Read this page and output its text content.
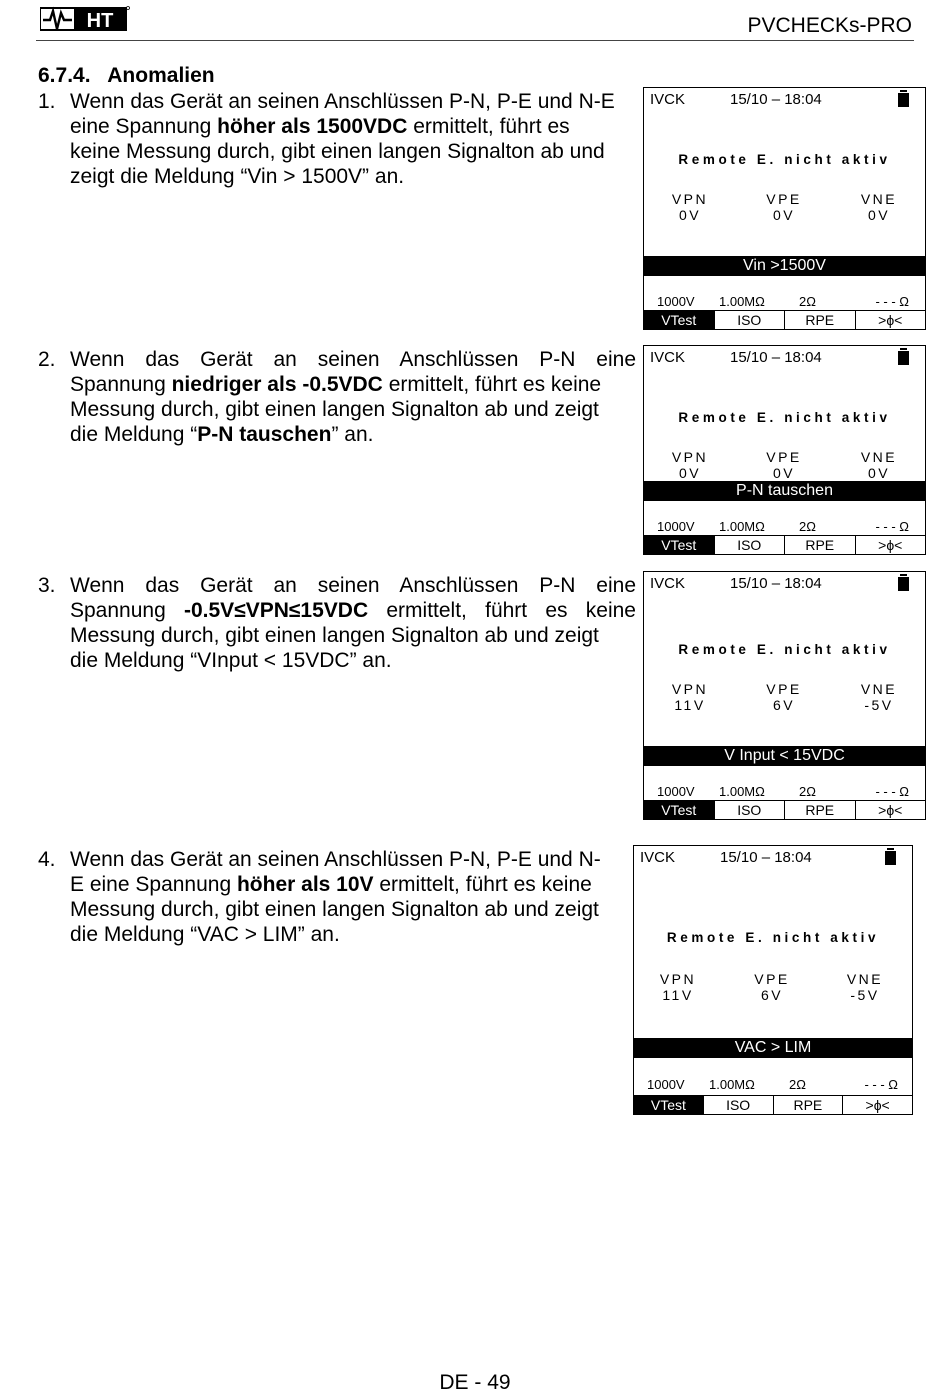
HT	PVCHECKs-PRO
6.7.4.   Anomalien
1. Wenn das Gerät an seinen Anschlüssen P-N, P-E und N-E
eine Spannung höher als 1500VDC ermittelt, führt es
keine Messung durch, gibt einen langen Signalton ab und
zeigt die Meldung “Vin > 1500V” an.
IVCK	15/10 – 18:04
Remote E. nicht aktiv
VPN
0V
VPE
0V
VNE
0V
Vin >1500V
1000V 1.00MΩ	2Ω	- - - Ω
VTest	ISO	RPE	>ϕ<
2. Wenn das Gerät an seinen Anschlüssen P-N eine
Spannung niedriger als -0.5VDC ermittelt, führt es keine
Messung durch, gibt einen langen Signalton ab und zeigt
die Meldung “P-N tauschen” an.
IVCK	15/10 – 18:04
Remote E. nicht aktiv
VPN
0V
VPE
0V
VNE
0V
P-N tauschen
1000V 1.00MΩ	2Ω	- - - Ω
VTest	ISO	RPE	>ϕ<
3. Wenn das Gerät an seinen Anschlüssen P-N eine
Spannung -0.5V≤VPN≤15VDC ermittelt, führt es keine
Messung durch, gibt einen langen Signalton ab und zeigt
die Meldung “VInput < 15VDC” an.
IVCK	15/10 – 18:04
Remote E. nicht aktiv
VPN
11V
VPE
6V
VNE
-5V
V Input < 15VDC
1000V 1.00MΩ	2Ω	- - - Ω
VTest	ISO	RPE	>ϕ<
4. Wenn das Gerät an seinen Anschlüssen P-N, P-E und N-
E eine Spannung höher als 10V ermittelt, führt es keine
Messung durch, gibt einen langen Signalton ab und zeigt
die Meldung “VAC > LIM” an.
IVCK	15/10 – 18:04
Remote E. nicht aktiv
VPN
11V
VPE
6V
VNE
-5V
VAC > LIM
1000V 1.00MΩ	2Ω	- - - Ω
VTest	ISO	RPE	>ϕ<
DE - 49
